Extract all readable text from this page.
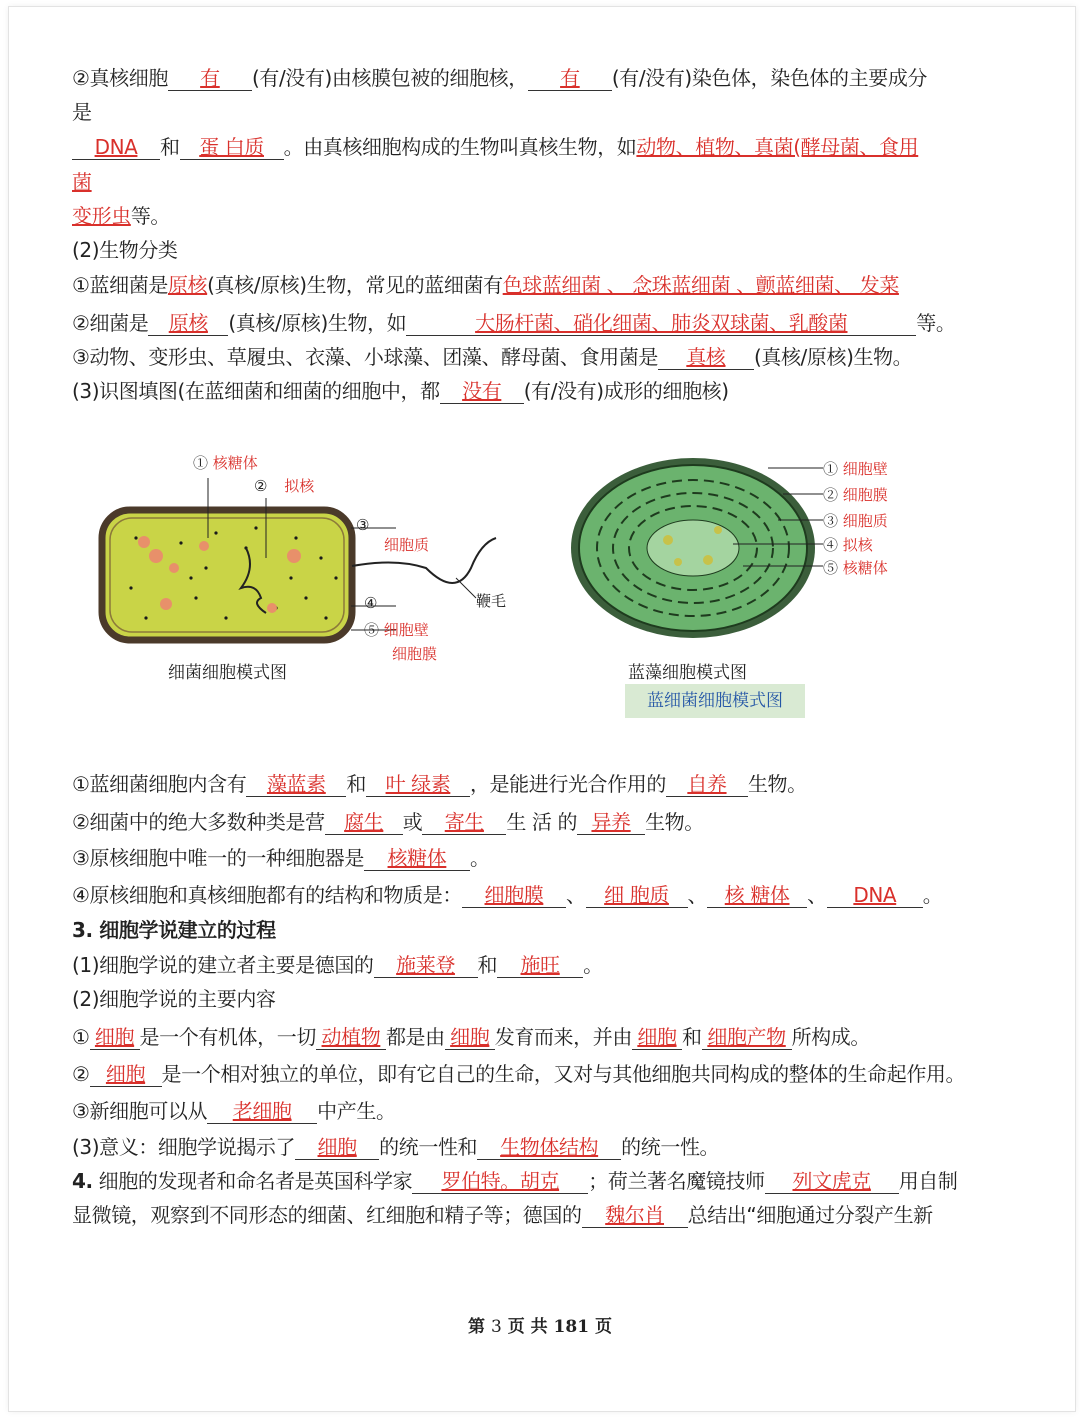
②真核细胞 有 (有/没有)由核膜包被的细胞核， 有 (有/没有)染色体，染色体的主要成分
是
DNA 和 蛋 白质 。由真核细胞构成的生物叫真核生物，如动物、植物、真菌(酵母菌、食用
菌
变形虫等。
(2)生物分类
①蓝细菌是原核(真核/原核)生物，常见的蓝细菌有色球蓝细菌 、 念珠蓝细菌 、颤蓝细菌、 发菜
②细菌是 原核 (真核/原核)生物，如	大肠杆菌、硝化细菌、肺炎双球菌、乳酸菌	等。
③动物、变形虫、草履虫、衣藻、小球藻、团藻、酵母菌、食用菌是 真核 (真核/原核)生物。
(3)识图填图(在蓝细菌和细菌的细胞中，都 没有 (有/没有)成形的细胞核)
① 核糖体
② 拟核
③
细胞质
④
⑤ 细胞壁
细胞膜
鞭毛
细菌细胞模式图
① 细胞壁
② 细胞膜
③ 细胞质
④ 拟核
⑤ 核糖体
蓝藻细胞模式图
蓝细菌细胞模式图
①蓝细菌细胞内含有 藻蓝素 和 叶 绿素 ，是能进行光合作用的 自养 生物。
②细菌中的绝大多数种类是营 腐生 或 寄生 生 活 的 异养 生物。
③原核细胞中唯一的一种细胞器是 核糖体 。
④原核细胞和真核细胞都有的结构和物质是： 细胞膜 、 细 胞质 、 核 糖体 、 DNA 。
3. 细胞学说建立的过程
(1)细胞学说的建立者主要是德国的 施莱登 和 施旺 。
(2)细胞学说的主要内容
① 细胞 是一个有机体，一切 动植物 都是由 细胞 发育而来，并由 细胞 和 细胞产物 所构成。
② 细胞 是一个相对独立的单位，即有它自己的生命，又对与其他细胞共同构成的整体的生命起作用。
③新细胞可以从 老细胞 中产生。
(3)意义：细胞学说揭示了 细胞 的统一性和 生物体结构 的统一性。
4. 细胞的发现者和命名者是英国科学家 罗伯特。胡克 ；荷兰著名魔镜技师 列文虎克 用自制
显微镜，观察到不同形态的细菌、红细胞和精子等；德国的 魏尔肖 总结出“细胞通过分裂产生新
第 3 页 共 181 页
